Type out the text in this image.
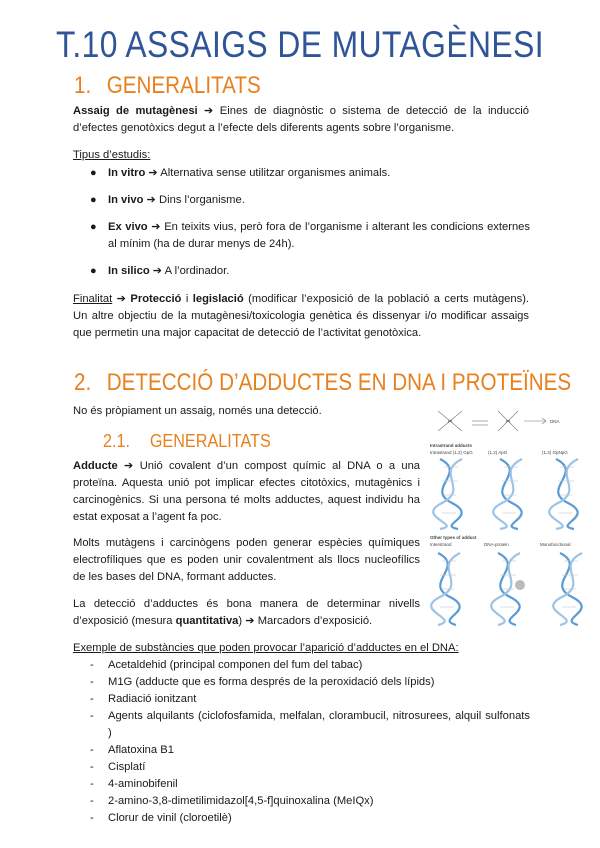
T.10 ASSAIGS DE MUTAGÈNESI
1. GENERALITATS
Assaig de mutagènesi ➔ Eines de diagnòstic o sistema de detecció de la inducció d’efectes genotòxics degut a l’efecte dels diferents agents sobre l’organisme.
Tipus d’estudis:
● In vitro ➔ Alternativa sense utilitzar organismes animals.
● In vivo ➔ Dins l’organisme.
● Ex vivo ➔ En teixits vius, però fora de l’organisme i alterant les condicions externes al mínim (ha de durar menys de 24h).
● In silico ➔ A l’ordinador.
Finalitat ➔ Protecció i legislació (modificar l’exposició de la població a certs mutàgens). Un altre objectiu de la mutagènesi/toxicologia genètica és dissenyar i/o modificar assaigs que permetin una major capacitat de detecció de l’activitat genotòxica.
2. DETECCIÓ D’ADDUCTES EN DNA I PROTEÏNES
No és pròpiament un assaig, només una detecció.
2.1. GENERALITATS
Adducte ➔ Unió covalent d’un compost químic al DNA o a una proteïna. Aquesta unió pot implicar efectes citotòxics, mutagènics i carcinogènics. Si una persona té molts adductes, aquest individu ha estat exposat a l’agent fa poc.
Molts mutàgens i carcinògens poden generar espècies químiques electrofíliques que es poden unir covalentment als llocs nucleofílics de les bases del DNA, formant adductes.
La detecció d’adductes és bona manera de determinar nivells d’exposició (mesura quantitativa) ➔ Marcadors d’exposició.
Exemple de substàncies que poden provocar l’aparició d’adductes en el DNA:
- Acetaldehid (principal componen del fum del tabac)
- M1G (adducte que es forma després de la peroxidació dels lípids)
- Radiació ionitzant
- Agents alquilants (ciclofosfamida, melfalan, clorambucil, nitrosurees, alquil sulfonats )
- Aflatoxina B1
- Cisplatí
- 4-aminobifenil
- 2-amino-3,8-dimetilimidazol[4,5-f]quinoxalina (MeIQx)
- Clorur de vinil (cloroetilè)
Pt	Pt	DNA
Intrastrand adducts
Intrastrand (1,2) GpG	(1,2) ApG	(1,3) GpNpG
Other types of adduct
Interstrand	DNA-protein	Monofunctional
